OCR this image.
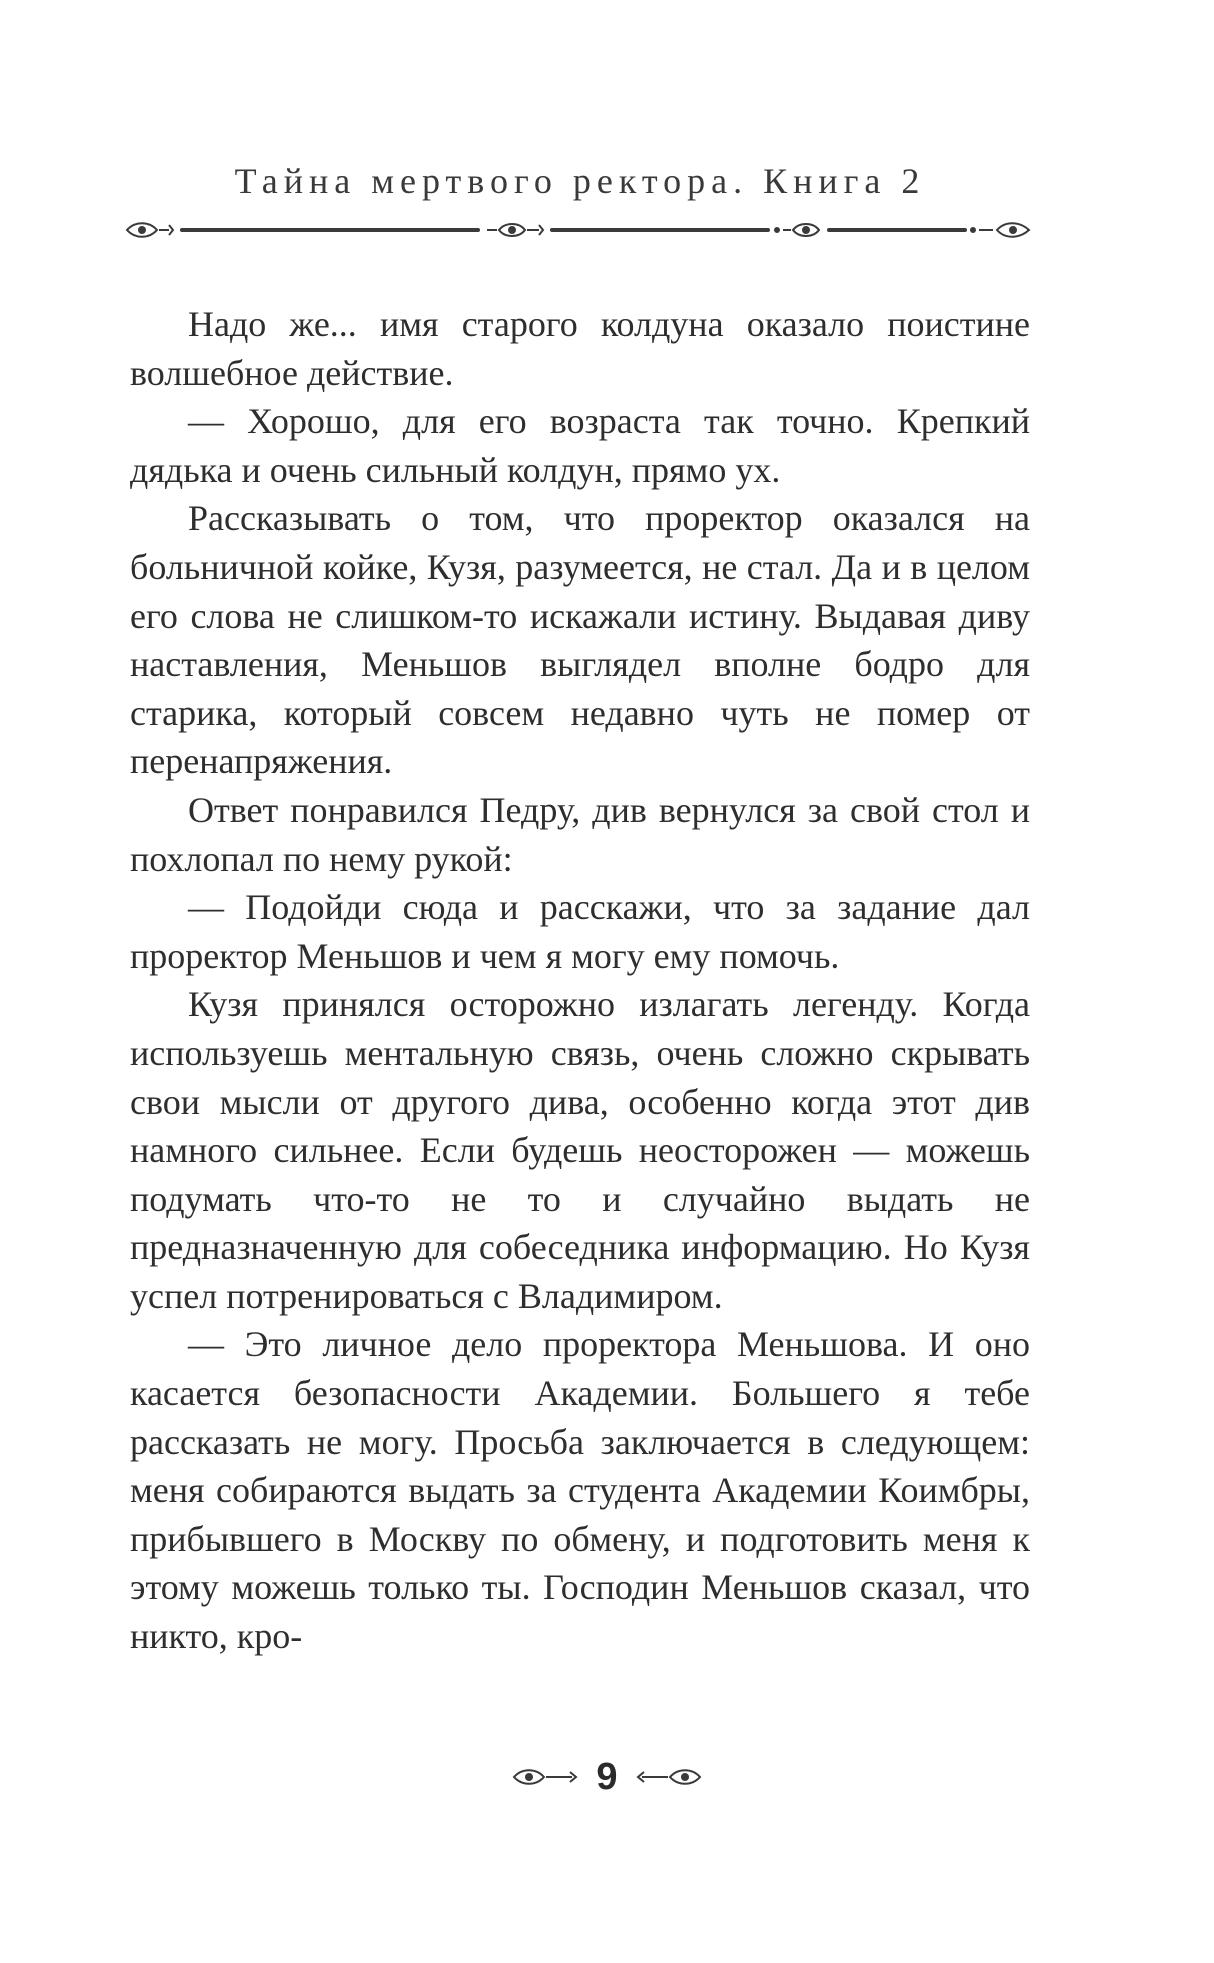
Тайна мертвого ректора. Книга 2

Надо же... имя старого колдуна оказало поистине волшебное действие.

— Хорошо, для его возраста так точно. Крепкий дядька и очень сильный колдун, прямо ух.

Рассказывать о том, что проректор оказался на больничной койке, Кузя, разумеется, не стал. Да и в целом его слова не слишком-то искажали истину. Выдавая диву наставления, Меньшов выглядел вполне бодро для старика, который совсем недавно чуть не помер от перенапряжения.

Ответ понравился Педру, див вернулся за свой стол и похлопал по нему рукой:

— Подойди сюда и расскажи, что за задание дал проректор Меньшов и чем я могу ему помочь.

Кузя принялся осторожно излагать легенду. Когда используешь ментальную связь, очень сложно скрывать свои мысли от другого дива, особенно когда этот див намного сильнее. Если будешь неосторожен — можешь подумать что-то не то и случайно выдать не предназначенную для собеседника информацию. Но Кузя успел потренироваться с Владимиром.

— Это личное дело проректора Меньшова. И оно касается безопасности Академии. Большего я тебе рассказать не могу. Просьба заключается в следующем: меня собираются выдать за студента Академии Коимбры, прибывшего в Москву по обмену, и подготовить меня к этому можешь только ты. Господин Меньшов сказал, что никто, кро-

9
